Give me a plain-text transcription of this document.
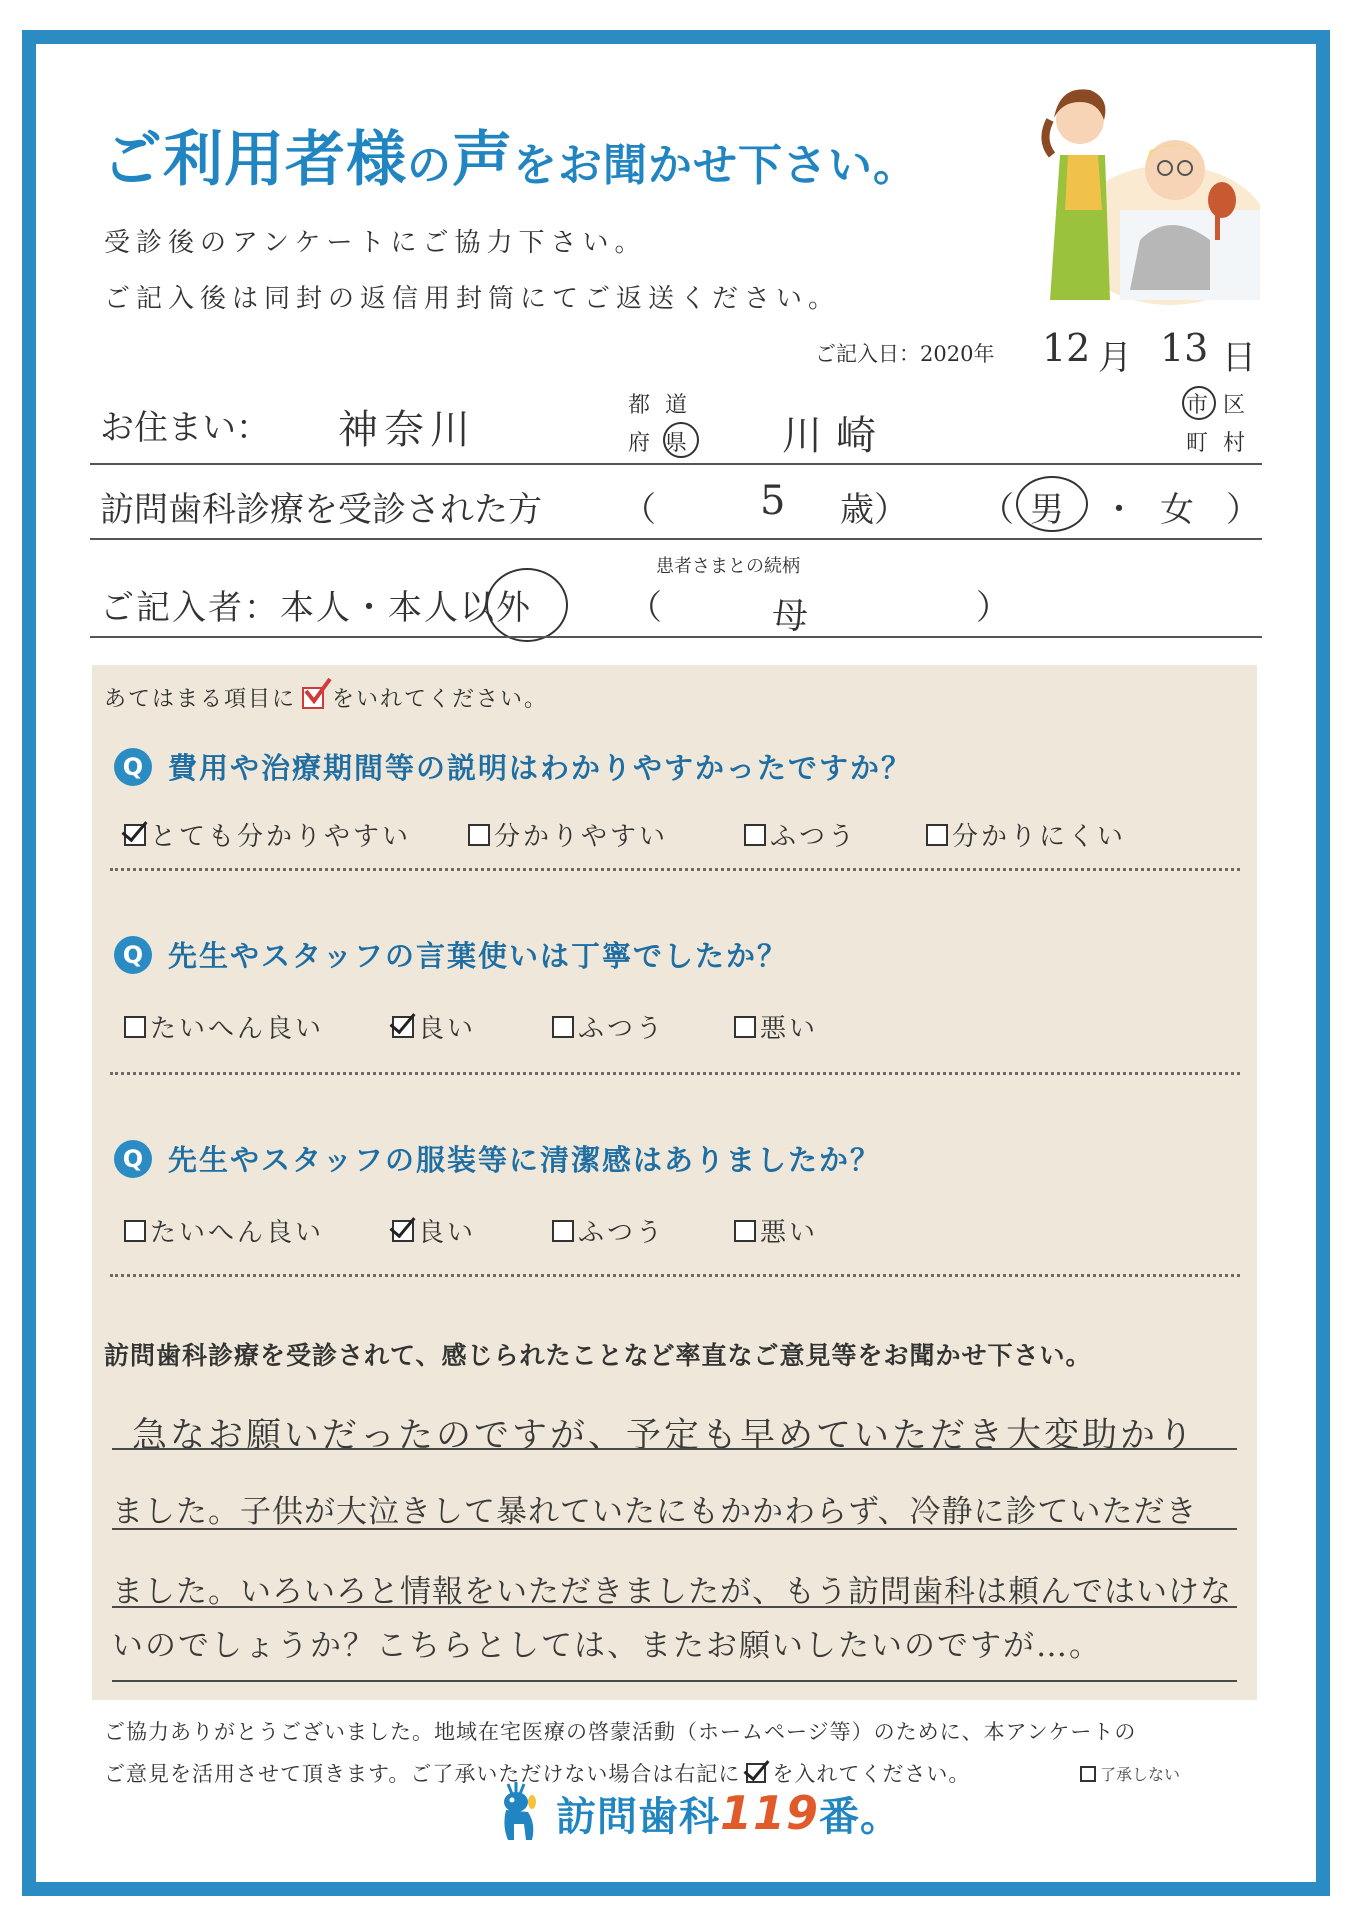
ご利用者様の声をお聞かせ下さい。
受診後のアンケートにご協力下さい。
ご記入後は同封の返信用封筒にてご返送ください。
ご記入日：2020年 12 月 13 日
お住まい： 神奈川
都 道
府 県 川崎
市 区
町 村
訪問歯科診療を受診された方 （	5 歳） （ 男 ・ 女 ）
ご記入者：本人・本人以外	（
患者さまとの続柄
母	）
あてはまる項目に をいれてください。
Q 費用や治療期間等の説明はわかりやすかったですか？
とても分かりやすい	分かりやすい	ふつう	分かりにくい
Q 先生やスタッフの言葉使いは丁寧でしたか？
たいへん良い	良い	ふつう	悪い
Q 先生やスタッフの服装等に清潔感はありましたか？
たいへん良い	良い	ふつう	悪い
訪問歯科診療を受診されて、感じられたことなど率直なご意見等をお聞かせ下さい。
急なお願いだったのですが、予定も早めていただき大変助かり
ました。子供が大泣きして暴れていたにもかかわらず、冷静に診ていただき
ました。いろいろと情報をいただきましたが、もう訪問歯科は頼んではいけな
いのでしょうか？こちらとしては、またお願いしたいのですが…。
ご協力ありがとうございました。地域在宅医療の啓蒙活動（ホームページ等）のために、本アンケートの
ご意見を活用させて頂きます。ご了承いただけない場合は右記に を入れてください。	了承しない
訪問歯科 119 番。
